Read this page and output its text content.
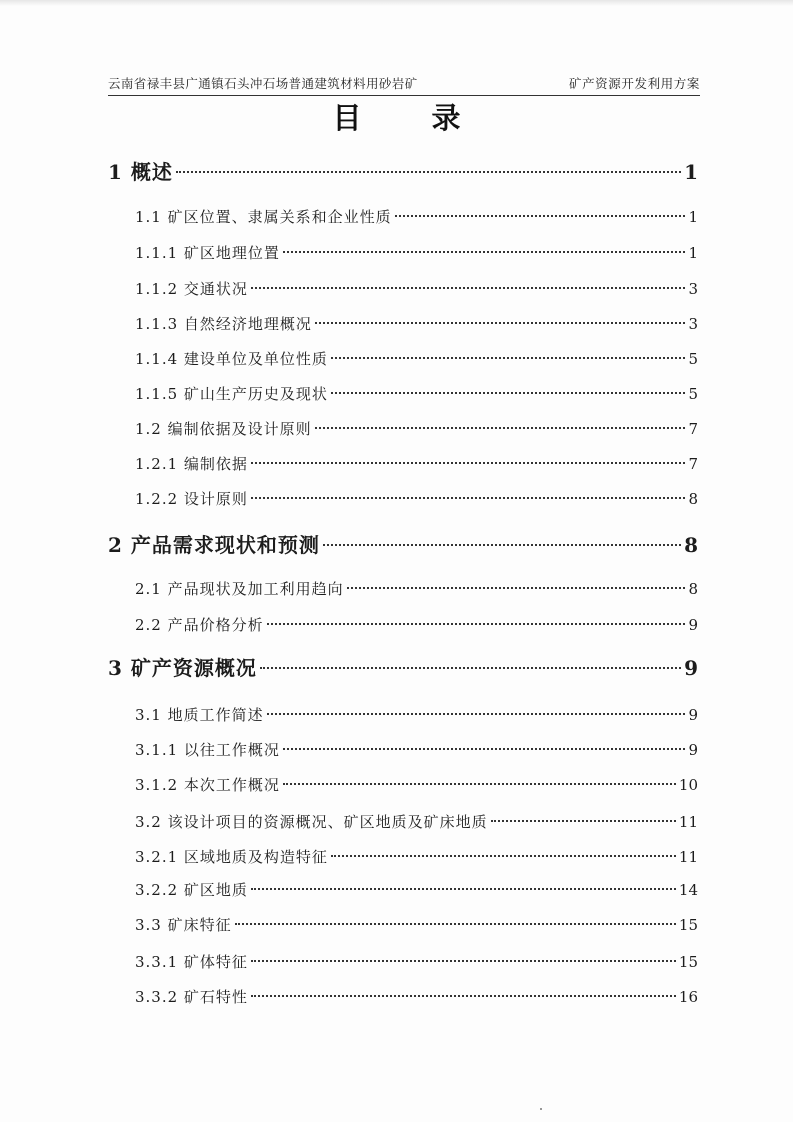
云南省禄丰县广通镇石头冲石场普通建筑材料用砂岩矿	矿产资源开发利用方案
目 录
1 概述	1
1.1 矿区位置、隶属关系和企业性质	1
1.1.1 矿区地理位置	1
1.1.2 交通状况	3
1.1.3 自然经济地理概况	3
1.1.4 建设单位及单位性质	5
1.1.5 矿山生产历史及现状	5
1.2 编制依据及设计原则	7
1.2.1 编制依据	7
1.2.2 设计原则	8
2 产品需求现状和预测	8
2.1 产品现状及加工利用趋向	8
2.2 产品价格分析	9
3 矿产资源概况	9
3.1 地质工作简述	9
3.1.1 以往工作概况	9
3.1.2 本次工作概况	10
3.2 该设计项目的资源概况、矿区地质及矿床地质	11
3.2.1 区域地质及构造特征	11
3.2.2 矿区地质	14
3.3 矿床特征	15
3.3.1 矿体特征	15
3.3.2 矿石特性	16
